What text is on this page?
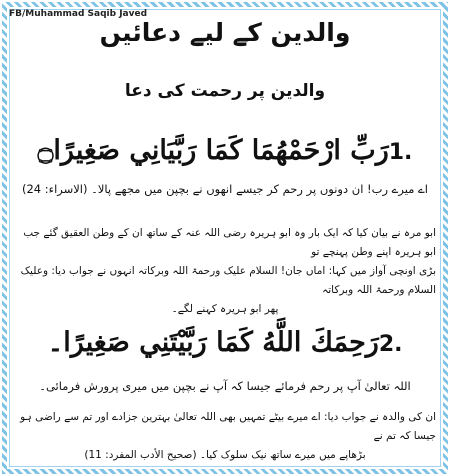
FB/Muhammad Saqib Javed
والدین کے لیے دعائیں
والدین پر رحمت کی دعا
1.رَبِّ ارْحَمْهُمَا كَمَا رَبَّيَانِي صَغِيرًا۝
اے میرے رب! ان دونوں پر رحم کر جیسے انھوں نے بچپن میں مجھے پالا۔ (الاسراء: 24)
ابو مرہ نے بیان کیا کہ ایک بار وہ ابو ہریرہ رضی اللہ عنہ کے ساتھ ان کے وطن العقیق گئے جب ابو ہریرہ اپنے وطن پہنچے تو
بڑی اونچی آواز میں کہا: اماں جان! السلام علیک ورحمۃ اللہ وبرکاتہ انہوں نے جواب دیا: وعلیک السلام ورحمۃ اللہ وبرکاتہ
پھر ابو ہریرہ کہنے لگے۔
2.رَحِمَكَ اللَّهُ كَمَا رَبَّيْتَنِي صَغِيرًا۔
اللہ تعالیٰ آپ پر رحم فرمائے جیسا کہ آپ نے بچپن میں میری پرورش فرمائی۔
ان کی والدہ نے جواب دیا: اے میرے بیٹے تمہیں بھی اللہ تعالیٰ بہترین جزادے اور تم سے راضی ہو جیسا کہ تم نے
بڑھاپے میں میرے ساتھ نیک سلوک کیا۔ (صحیح الأدب المفرد: 11)
